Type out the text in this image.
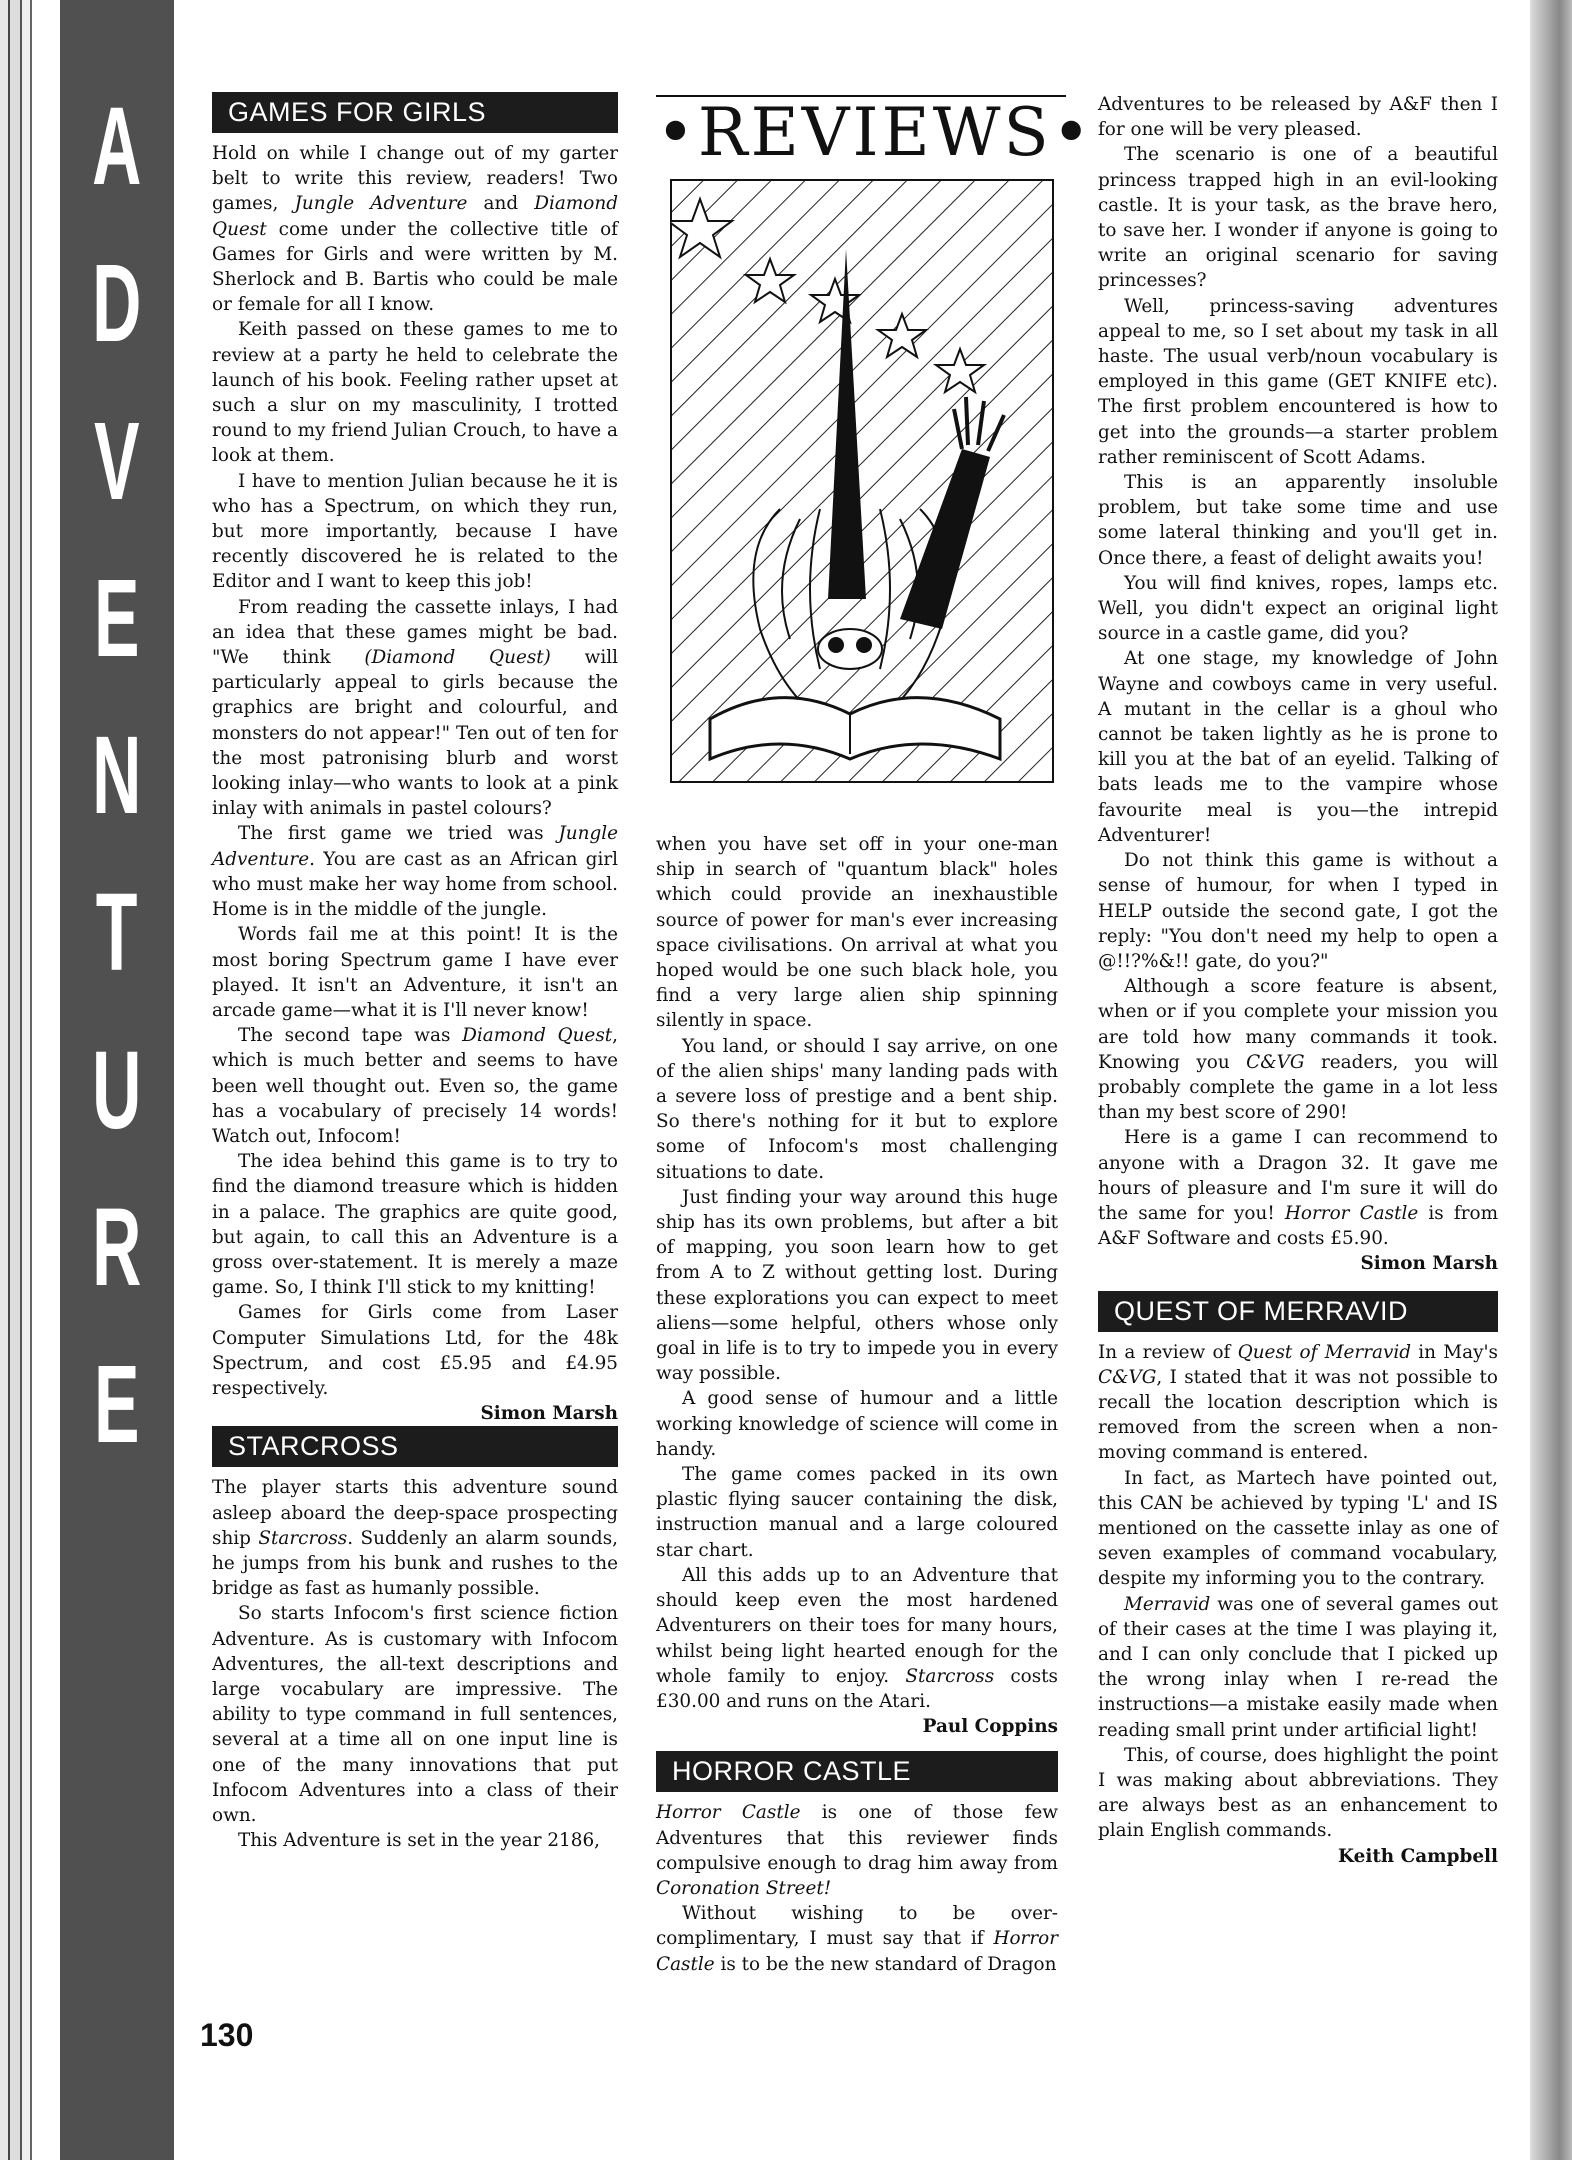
A
D
V
E
N
T
U
R
E
GAMES FOR GIRLS

Hold on while I change out of my garter belt to write this review, readers! Two games, Jungle Adventure and Diamond Quest come under the collective title of Games for Girls and were written by M. Sherlock and B. Bartis who could be male or female for all I know.

Keith passed on these games to me to review at a party he held to celebrate the launch of his book. Feeling rather upset at such a slur on my masculinity, I trotted round to my friend Julian Crouch, to have a look at them.

I have to mention Julian because he it is who has a Spectrum, on which they run, but more importantly, because I have recently discovered he is related to the Editor and I want to keep this job!

From reading the cassette inlays, I had an idea that these games might be bad. "We think (Diamond Quest) will particularly appeal to girls because the graphics are bright and colourful, and monsters do not appear!" Ten out of ten for the most patronising blurb and worst looking inlay—who wants to look at a pink inlay with animals in pastel colours?

The first game we tried was Jungle Adventure. You are cast as an African girl who must make her way home from school. Home is in the middle of the jungle.

Words fail me at this point! It is the most boring Spectrum game I have ever played. It isn't an Adventure, it isn't an arcade game—what it is I'll never know!

The second tape was Diamond Quest, which is much better and seems to have been well thought out. Even so, the game has a vocabulary of precisely 14 words! Watch out, Infocom!

The idea behind this game is to try to find the diamond treasure which is hidden in a palace. The graphics are quite good, but again, to call this an Adventure is a gross over-statement. It is merely a maze game. So, I think I'll stick to my knitting!

Games for Girls come from Laser Computer Simulations Ltd, for the 48k Spectrum, and cost £5.95 and £4.95 respectively.

Simon Marsh

STARCROSS

The player starts this adventure sound asleep aboard the deep-space prospecting ship Starcross. Suddenly an alarm sounds, he jumps from his bunk and rushes to the bridge as fast as humanly possible.

So starts Infocom's first science fiction Adventure. As is customary with Infocom Adventures, the all-text descriptions and large vocabulary are impressive. The ability to type command in full sentences, several at a time all on one input line is one of the many innovations that put Infocom Adventures into a class of their own.

This Adventure is set in the year 2186,

130
•REVIEWS•

when you have set off in your one-man ship in search of "quantum black" holes which could provide an inexhaustible source of power for man's ever increasing space civilisations. On arrival at what you hoped would be one such black hole, you find a very large alien ship spinning silently in space.

You land, or should I say arrive, on one of the alien ships' many landing pads with a severe loss of prestige and a bent ship. So there's nothing for it but to explore some of Infocom's most challenging situations to date.

Just finding your way around this huge ship has its own problems, but after a bit of mapping, you soon learn how to get from A to Z without getting lost. During these explorations you can expect to meet aliens—some helpful, others whose only goal in life is to try to impede you in every way possible.

A good sense of humour and a little working knowledge of science will come in handy.

The game comes packed in its own plastic flying saucer containing the disk, instruction manual and a large coloured star chart.

All this adds up to an Adventure that should keep even the most hardened Adventurers on their toes for many hours, whilst being light hearted enough for the whole family to enjoy. Starcross costs £30.00 and runs on the Atari.

Paul Coppins

HORROR CASTLE

Horror Castle is one of those few Adventures that this reviewer finds compulsive enough to drag him away from Coronation Street!

Without wishing to be over-complimentary, I must say that if Horror Castle is to be the new standard of Dragon

Adventures to be released by A&F then I for one will be very pleased.

The scenario is one of a beautiful princess trapped high in an evil-looking castle. It is your task, as the brave hero, to save her. I wonder if anyone is going to write an original scenario for saving princesses?

Well, princess-saving adventures appeal to me, so I set about my task in all haste. The usual verb/noun vocabulary is employed in this game (GET KNIFE etc). The first problem encountered is how to get into the grounds—a starter problem rather reminiscent of Scott Adams.

This is an apparently insoluble problem, but take some time and use some lateral thinking and you'll get in. Once there, a feast of delight awaits you!

You will find knives, ropes, lamps etc. Well, you didn't expect an original light source in a castle game, did you?

At one stage, my knowledge of John Wayne and cowboys came in very useful. A mutant in the cellar is a ghoul who cannot be taken lightly as he is prone to kill you at the bat of an eyelid. Talking of bats leads me to the vampire whose favourite meal is you—the intrepid Adventurer!

Do not think this game is without a sense of humour, for when I typed in HELP outside the second gate, I got the reply: "You don't need my help to open a @!!?%&!! gate, do you?"

Although a score feature is absent, when or if you complete your mission you are told how many commands it took. Knowing you C&VG readers, you will probably complete the game in a lot less than my best score of 290!

Here is a game I can recommend to anyone with a Dragon 32. It gave me hours of pleasure and I'm sure it will do the same for you! Horror Castle is from A&F Software and costs £5.90.

Simon Marsh

QUEST OF MERRAVID

In a review of Quest of Merravid in May's C&VG, I stated that it was not possible to recall the location description which is removed from the screen when a non-moving command is entered.

In fact, as Martech have pointed out, this CAN be achieved by typing 'L' and IS mentioned on the cassette inlay as one of seven examples of command vocabulary, despite my informing you to the contrary.

Merravid was one of several games out of their cases at the time I was playing it, and I can only conclude that I picked up the wrong inlay when I re-read the instructions—a mistake easily made when reading small print under artificial light!

This, of course, does highlight the point I was making about abbreviations. They are always best as an enhancement to plain English commands.

Keith Campbell
